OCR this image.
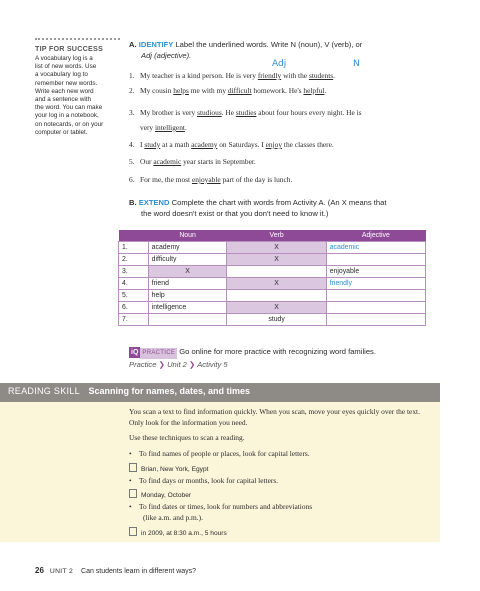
TIP FOR SUCCESS
A vocabulary log is a
list of new words. Use
a vocabulary log to
remember new words.
Write each new word
and a sentence with
the word. You can make
your log in a notebook,
on notecards, or on your
computer or tablet.
A. IDENTIFY Label the underlined words. Write N (noun), V (verb), or
Adj (adjective).
Adj	N
1. My teacher is a kind person. He is very friendly with the students.
2. My cousin helps me with my difficult homework. He's helpful.
3. My brother is very studious. He studies about four hours every night. He is
very intelligent.
4. I study at a math academy on Saturdays. I enjoy the classes there.
5. Our academic year starts in September.
6. For me, the most enjoyable part of the day is lunch.
B. EXTEND Complete the chart with words from Activity A. (An X means that
the word doesn't exist or that you don't need to know it.)
	Noun	Verb	Adjective
1.	academy	X	academic
2.	difficulty	X	
3.	X		enjoyable
4.	friend	X	friendly
5.	help		
6.	intelligence	X	
7.		study	
iQ PRACTICE Go online for more practice with recognizing word families.
Practice ❯ Unit 2 ❯ Activity 5
READING SKILL Scanning for names, dates, and times
You scan a text to find information quickly. When you scan, move your eyes quickly over the text. Only look for the information you need.
Use these techniques to scan a reading.
• To find names of people or places, look for capital letters.
Brian, New York, Egypt
• To find days or months, look for capital letters.
Monday, October
• To find dates or times, look for numbers and abbreviations
(like a.m. and p.m.).
in 2009, at 8:30 a.m., 5 hours
26 UNIT 2 Can students learn in different ways?
